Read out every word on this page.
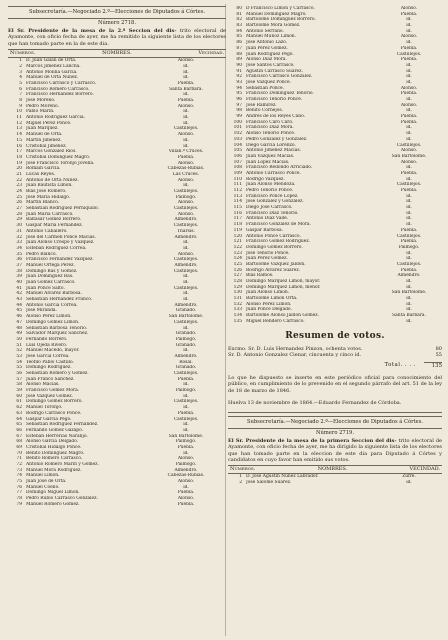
Subsecretaría.—Negociado 2.º—Elecciones de Diputados á Córtes.
Número 2718.

El Sr. Presidente de la mesa de la 2.ª Seccion del dis- trito electoral de Ayamonte, con oficio fecha de ayer, me ha remitido la siguiente lista de los electores que han tomado parte en la de este dia.

Números.	NOMBRES.	Vecindad.
1 D. Juan Galan de Orta.	Alonso.
2 Márcos Jimenez Lancha.	id.
3 Antonio Molina García.	id.
4 Manuel de Orta Nuñez.	id.
5 Francisco Carrasco y Carrasco.	Puebla.
6 Francisco Romero Carrasco.	Santa Bárbara.
7 Francisco Hernandez Borrero.	id.
8 José Moreno.	Puebla.
9 Pedro Moreno.	Alonso.
10 Pablo Marin.	id.
11 Antonio Rodriguez García.	id.
12 Miguel Perez Ponce.	id.
13 Juan Márquez.	Castillejos.
14 Manuel de Orta.	Alonso.
15 Martin Jimenez.	id.
16 Cristóbal Jimenez.	id.
17 Márcos Gonzalez Ríos.	Villan.º Cruces.
18 Cristóbal Dominguez Magro.	Puebla.
19 José Francisco Toronjo Jovellá.	Alonso.
20 Romain García.	Cabezas-Rubias.
21 Lúcas Reyes.	Las Cruces.
22 Antonio de Orta Nuñez.	Alonso.
23 Juan Bautista Limon.	id.
24 Blas José Romero.	Castillejos.
25 José María Hidalgo.	Paimogo.
26 Martin Blanco.	Alonso.
27 Sebastian Rodriguez Perniquillo.	Castillejos.
28 Juan Maria Carrasco.	Alonso.
29 Baltasar Gomez Borrero.	Almendro.
30 Gaspar María Fernandez.	Castillejos.
31 Antonio Caballero.	Tharsis.
32 José del Cármen Ponce Macias.	Almendro.
33 Juan Alonso Crespo y Vazquez.	id.
34 Esteban Rodriguez Correa.	id.
35 Pedro Blanco.	Alonso.
36 Francisco Fernandez Vazquez.	Castillejos.
37 Manuel Ortega Perez.	Almendro.
38 Domingo Bas y Gomez.	Castillejos.
39 Juan Dominguez Bas.	id.
40 Juan Gomez Carrasco.	id.
41 Juan Ponce Saltó.	Castillejos.
42 Manuel Alvarez Barbosa.	id.
43 Sebastian Hernandez Franco.	id.
44 Antonio García Correa.	Almendro.
45 José Miranda.	Granado.
46 Alonso Perez Limon.	San Bartolomé.
47 Domingo Gomez Limon.	Castillejos.
48 Sebastian Barbosa Tenorio.	id.
49 Salvador Márquez Sanchez.	Granado.
50 Fernando Borrero.	Paimogo.
51 Luis Ojeda Rivero.	Granado.
52 Manuel Macedo, mayor.	id.
53 José García Correa.	Almendro.
54 Teófilo Pablo Castillo.	Rosal.
55 Domingo Rodriguez.	Granado.
56 Sebastian Romero y Gomez.	Castillejos.
57 Juan Franco Sanchez.	Puebla.
58 Alonso Macias.	id.
59 Francisco Gomez Mora.	Paimogo.
60 José Vazquez Gomez.	id.
61 Domingo Gomez Borrero.	Castillejos.
62 Manuel Toronjo.	id.
63 Rodrigo Carrasco Ponce.	Puebla.
64 Gaspar García Pego.	Castillejos.
65 Sebastian Rodriguez Fernandez.	id.
66 Fernando Gomez Gazapo.	id.
67 Esteban Herrerías Naranjo.	San Bartolomé.
68 Alonso García Delgado.	Paimogo.
69 Cristóbal Hidalgo Ponce.	Puebla.
70 Benito Dominguez Magro.	id.
71 Benito Romero Carrasco.	Alonso.
72 Antonio Romero Marin y Gomez.	Paimogo.
73 Manuel Mora Rodriguez.	Almendro.
74 Manuel Limon.	Cabezas-Rubias.
75 Juan José de Orta.	Alonso.
76 Manuel Coello.	id.
77 Domingo Miguel Limon.	Puebla.
78 Pedro Rubio Carrasco Gonzalez.	Alonso.
79 Manuel Romero Gomez.	Puebla.
80 D Francisco Limon y Carrasco.	Alonso.
81 Manuel Dominguez Magro.	Puebla.
82 Bartolomé Dominguez Borrero.	id.
83 Bartolomé Mora Gomez.	id.
84 Antonio Serrano.	id.
85 Manuel Muñoz Limon.	Alonso.
86 José Antonio Lazo.	id.
87 Juan Perez Gomez.	Puebla.
88 Juan Rodriguez Pego.	Castillejos.
89 Alonso Diaz Mora.	Puebla.
90 José Santos Carrasco.	id.
91 Agustin Carrasco Suarez.	id.
92 Francisco Carrasco Gonzalez.	id.
93 José Vazquez Ponce.	id.
94 Sebastian Ponce.	Alonso.
95 Francisco Dominguez Tenorio.	Puebla.
96 Francisco Tenorio Ponce.	id.
97 José Ramirez.	Alonso.
98 Benito Cornejos.	id.
99 Andrés de los Reyes Caño.	Puebla.
100 Francisco Caro Caro.	Puebla.
101 Francisco Diaz Mora.	id.
102 Alonso Tenorio Ponce.	id.
103 Pedro Gonzalez y Gonzalez.	id.
104 Diego García Lorenzo.	Castillejos.
105 Antonio Jimenez Macias.	Alonso.
106 Juan Vazquez Macias.	San Bartolomé.
107 Juan Lopez Macias.	Alonso.
108 Francisco Redondo Arriciado.	id.
109 Antonio Carrasco Ponce.	Puebla.
110 Rodrigo Vazquez.	id.
111 Juan Alonso Mendoza.	Castillejos.
112 Pedro Tenorio Ponce.	Puebla.
113 Francisco Ponce Lopez.	id.
114 José Gonzalez y Gonzalez.	id.
115 Diego José Carrasco.	id.
116 Francisco Diaz Tenorio.	id.
117 Antonio Diaz Valle.	id.
118 Francisco Gonzalez de Mora.	id.
119 Gaspar Barbosa.	Puebla.
120 Antonio Ponce Carrasco.	Castillejos.
121 Francisco Gomez Rodriguez.	Puebla.
122 Domingo Gomez Borrero.	Paimogo.
123 José Tenorio Ponce.	id.
124 Juan Perez Gomez.	id.
125 Bartolomé Vazquez Jaldon.	Castillejos.
126 Rodrigo Alvarez Suarez.	Puebla.
127 Blas Ramos.	Almendro.
128 Domingo Márquez Limon, mayor.	id.
129 Domingo Márquez Limon, menor.	id.
130 Juan Alonso Limon.	San Bartolomé.
131 Bartolomé Limon Orta.	id.
132 Alonso Perez Limon.	id.
133 Juan Ponce Delgado.	id.
134 Bartolomé Alonso Jaldon Gomez.	Santa Bárbara.
135 Miguel Rendero Carrasco.	id.
Resumen de votos.
Excmo. Sr. D. Luis Hernandez Pinzon, ochenta votos.	80
Sr. D. Antonio Gonzalez Cienar, cincuenta y cinco id.	55
Total. . . .	135

Lo que he dispuesto se inserte en este periódico oficial para conocimiento del público, en cumplimiento de lo prevenido en el segundo párrafo del art. 51 de la ley de 18 de marzo de 1846.

Huelva 13 de noviembre de 1864.—Eduardo Fernandez de Córdoba.

Subsecretaría.—Negociado 2.º—Elecciones de Diputados á Córtes.
Número 2719.

El Sr. Presidente de la mesa de la primera Seccion del dis- trito electoral de Ayamonte, con oficio fecha de ayer, me ha dirigido la siguiente lista de los electores que han tomado parte en la eleccion de este dia para Diputado á Córtes y candidatos en cuyo favor han emitido sus votos.

Números.	NOMBRES.	VECINDAD.
1 D. José Agustin Nuñez Labrador.	Zufre.
2 José Salome Suarez.	id.
